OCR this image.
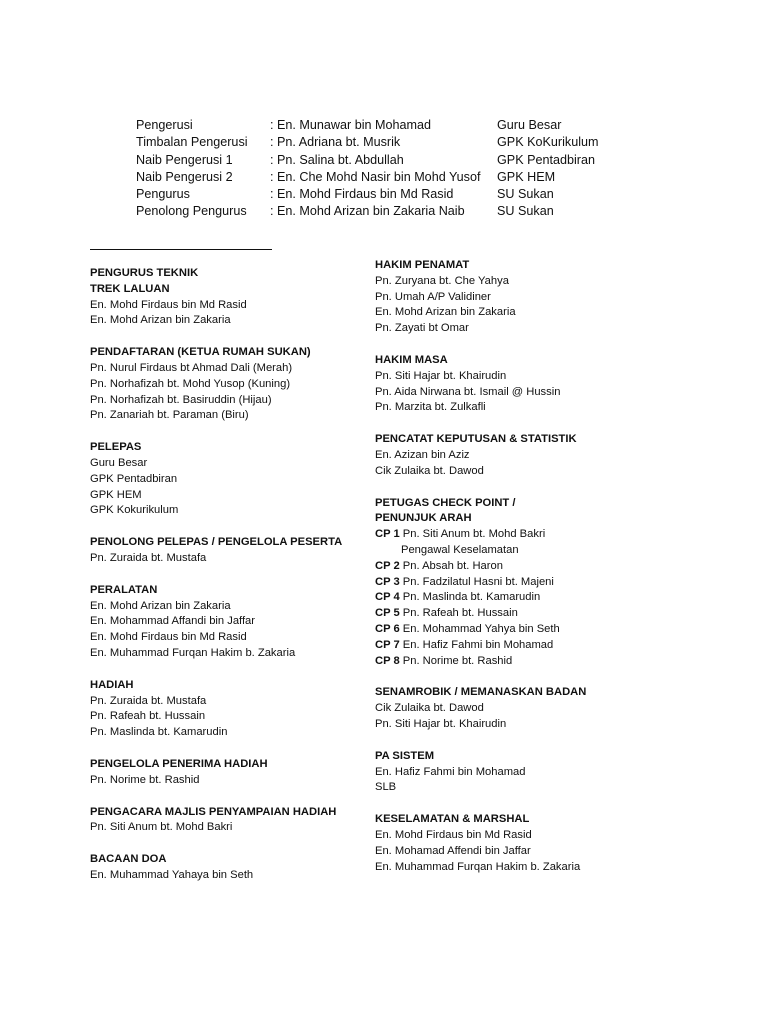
Pengerusi	: En. Munawar bin Mohamad	Guru Besar
Timbalan Pengerusi	: Pn. Adriana bt. Musrik	GPK KoKurikulum
Naib Pengerusi 1	: Pn. Salina bt. Abdullah	GPK Pentadbiran
Naib Pengerusi 2	: En. Che Mohd Nasir bin Mohd Yusof	GPK HEM
Pengurus	: En. Mohd Firdaus bin Md Rasid	SU Sukan
Penolong Pengurus	: En. Mohd Arizan bin Zakaria Naib	SU Sukan
PENGURUS TEKNIK
TREK LALUAN
En. Mohd Firdaus bin Md Rasid
En. Mohd Arizan bin Zakaria
PENDAFTARAN (KETUA RUMAH SUKAN)
Pn. Nurul Firdaus bt Ahmad Dali (Merah)
Pn. Norhafizah bt. Mohd Yusop (Kuning)
Pn. Norhafizah bt. Basiruddin (Hijau)
Pn. Zanariah bt. Paraman (Biru)
PELEPAS
Guru Besar
GPK Pentadbiran
GPK HEM
GPK Kokurikulum
PENOLONG PELEPAS / PENGELOLA PESERTA
Pn. Zuraida bt. Mustafa
PERALATAN
En. Mohd Arizan bin Zakaria
En. Mohammad Affandi bin Jaffar
En. Mohd Firdaus bin Md Rasid
En. Muhammad Furqan Hakim b. Zakaria
HADIAH
Pn. Zuraida bt. Mustafa
Pn. Rafeah bt. Hussain
Pn. Maslinda bt. Kamarudin
PENGELOLA PENERIMA HADIAH
Pn. Norime bt. Rashid
PENGACARA MAJLIS PENYAMPAIAN HADIAH
Pn. Siti Anum bt. Mohd Bakri
BACAAN DOA
En. Muhammad Yahaya bin Seth
HAKIM PENAMAT
Pn. Zuryana bt. Che Yahya
Pn. Umah A/P Validiner
En. Mohd Arizan bin Zakaria
Pn. Zayati bt Omar
HAKIM MASA
Pn. Siti Hajar bt. Khairudin
Pn. Aida Nirwana bt. Ismail @ Hussin
Pn. Marzita bt. Zulkafli
PENCATAT KEPUTUSAN & STATISTIK
En. Azizan bin Aziz
Cik Zulaika bt. Dawod
PETUGAS CHECK POINT /
PENUNJUK ARAH
CP 1 Pn. Siti Anum bt. Mohd Bakri
Pengawal Keselamatan
CP 2 Pn. Absah bt. Haron
CP 3 Pn. Fadzilatul Hasni bt. Majeni
CP 4 Pn. Maslinda bt. Kamarudin
CP 5 Pn. Rafeah bt. Hussain
CP 6 En. Mohammad Yahya bin Seth
CP 7 En. Hafiz Fahmi bin Mohamad
CP 8 Pn. Norime bt. Rashid
SENAMROBIK / MEMANASKAN BADAN
Cik Zulaika bt. Dawod
Pn. Siti Hajar bt. Khairudin
PA SISTEM
En. Hafiz Fahmi bin Mohamad
SLB
KESELAMATAN & MARSHAL
En. Mohd Firdaus bin Md Rasid
En. Mohamad Affendi bin Jaffar
En. Muhammad Furqan Hakim b. Zakaria
